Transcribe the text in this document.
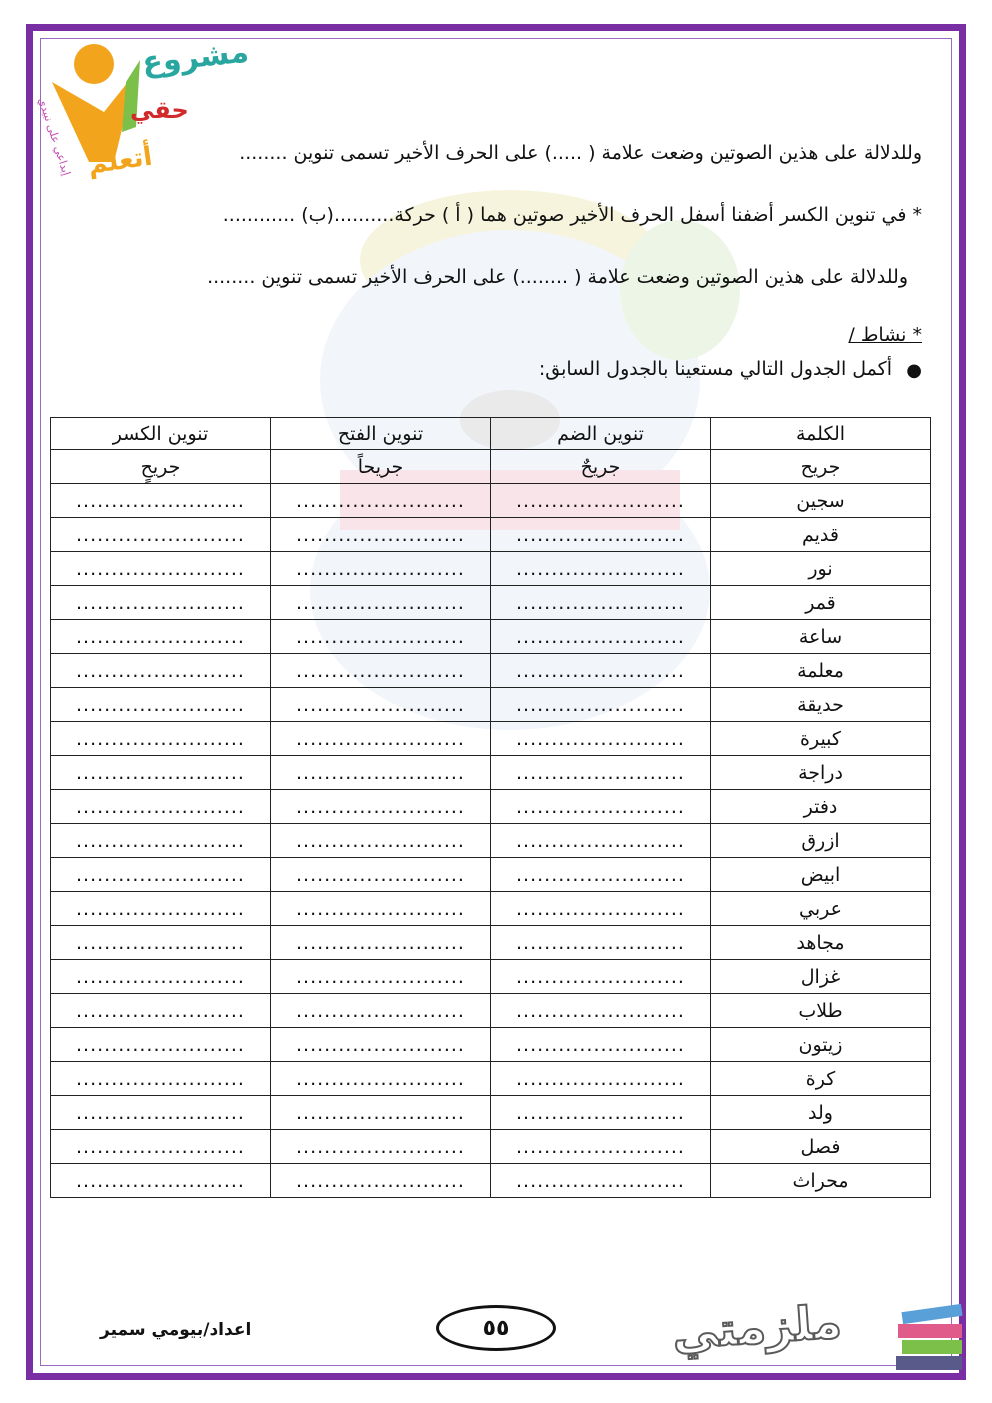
مشروع
حقي
أتعلم
إبداعي على نبيدي	وللدلالة على هذين الصوتين وضعت علامة ( .....) على الحرف الأخير تسمى تنوين ........
* في تنوين الكسر أضفنا أسفل الحرف الأخير صوتين هما ( أ ) حركة..........(ب) ............
وللدلالة على هذين الصوتين وضعت علامة ( ........) على الحرف الأخير تسمى تنوين ........
* نشاط /
●
أكمل الجدول التالي مستعينا بالجدول السابق:
الكلمة	تنوين الضم	تنوين الفتح	تنوين الكسر
جريح	جريحٌ	جريحاً	جريحٍ
سجين	........................	........................	........................
قديم	........................	........................	........................
نور	........................	........................	........................
قمر	........................	........................	........................
ساعة	........................	........................	........................
معلمة	........................	........................	........................
حديقة	........................	........................	........................
كبيرة	........................	........................	........................
دراجة	........................	........................	........................
دفتر	........................	........................	........................
ازرق	........................	........................	........................
ابيض	........................	........................	........................
عربي	........................	........................	........................
مجاهد	........................	........................	........................
غزال	........................	........................	........................
طلاب	........................	........................	........................
زيتون	........................	........................	........................
كرة	........................	........................	........................
ولد	........................	........................	........................
فصل	........................	........................	........................
محراث	........................	........................	........................
اعداد/بيومي سمير	٥٥	ملزمتي
